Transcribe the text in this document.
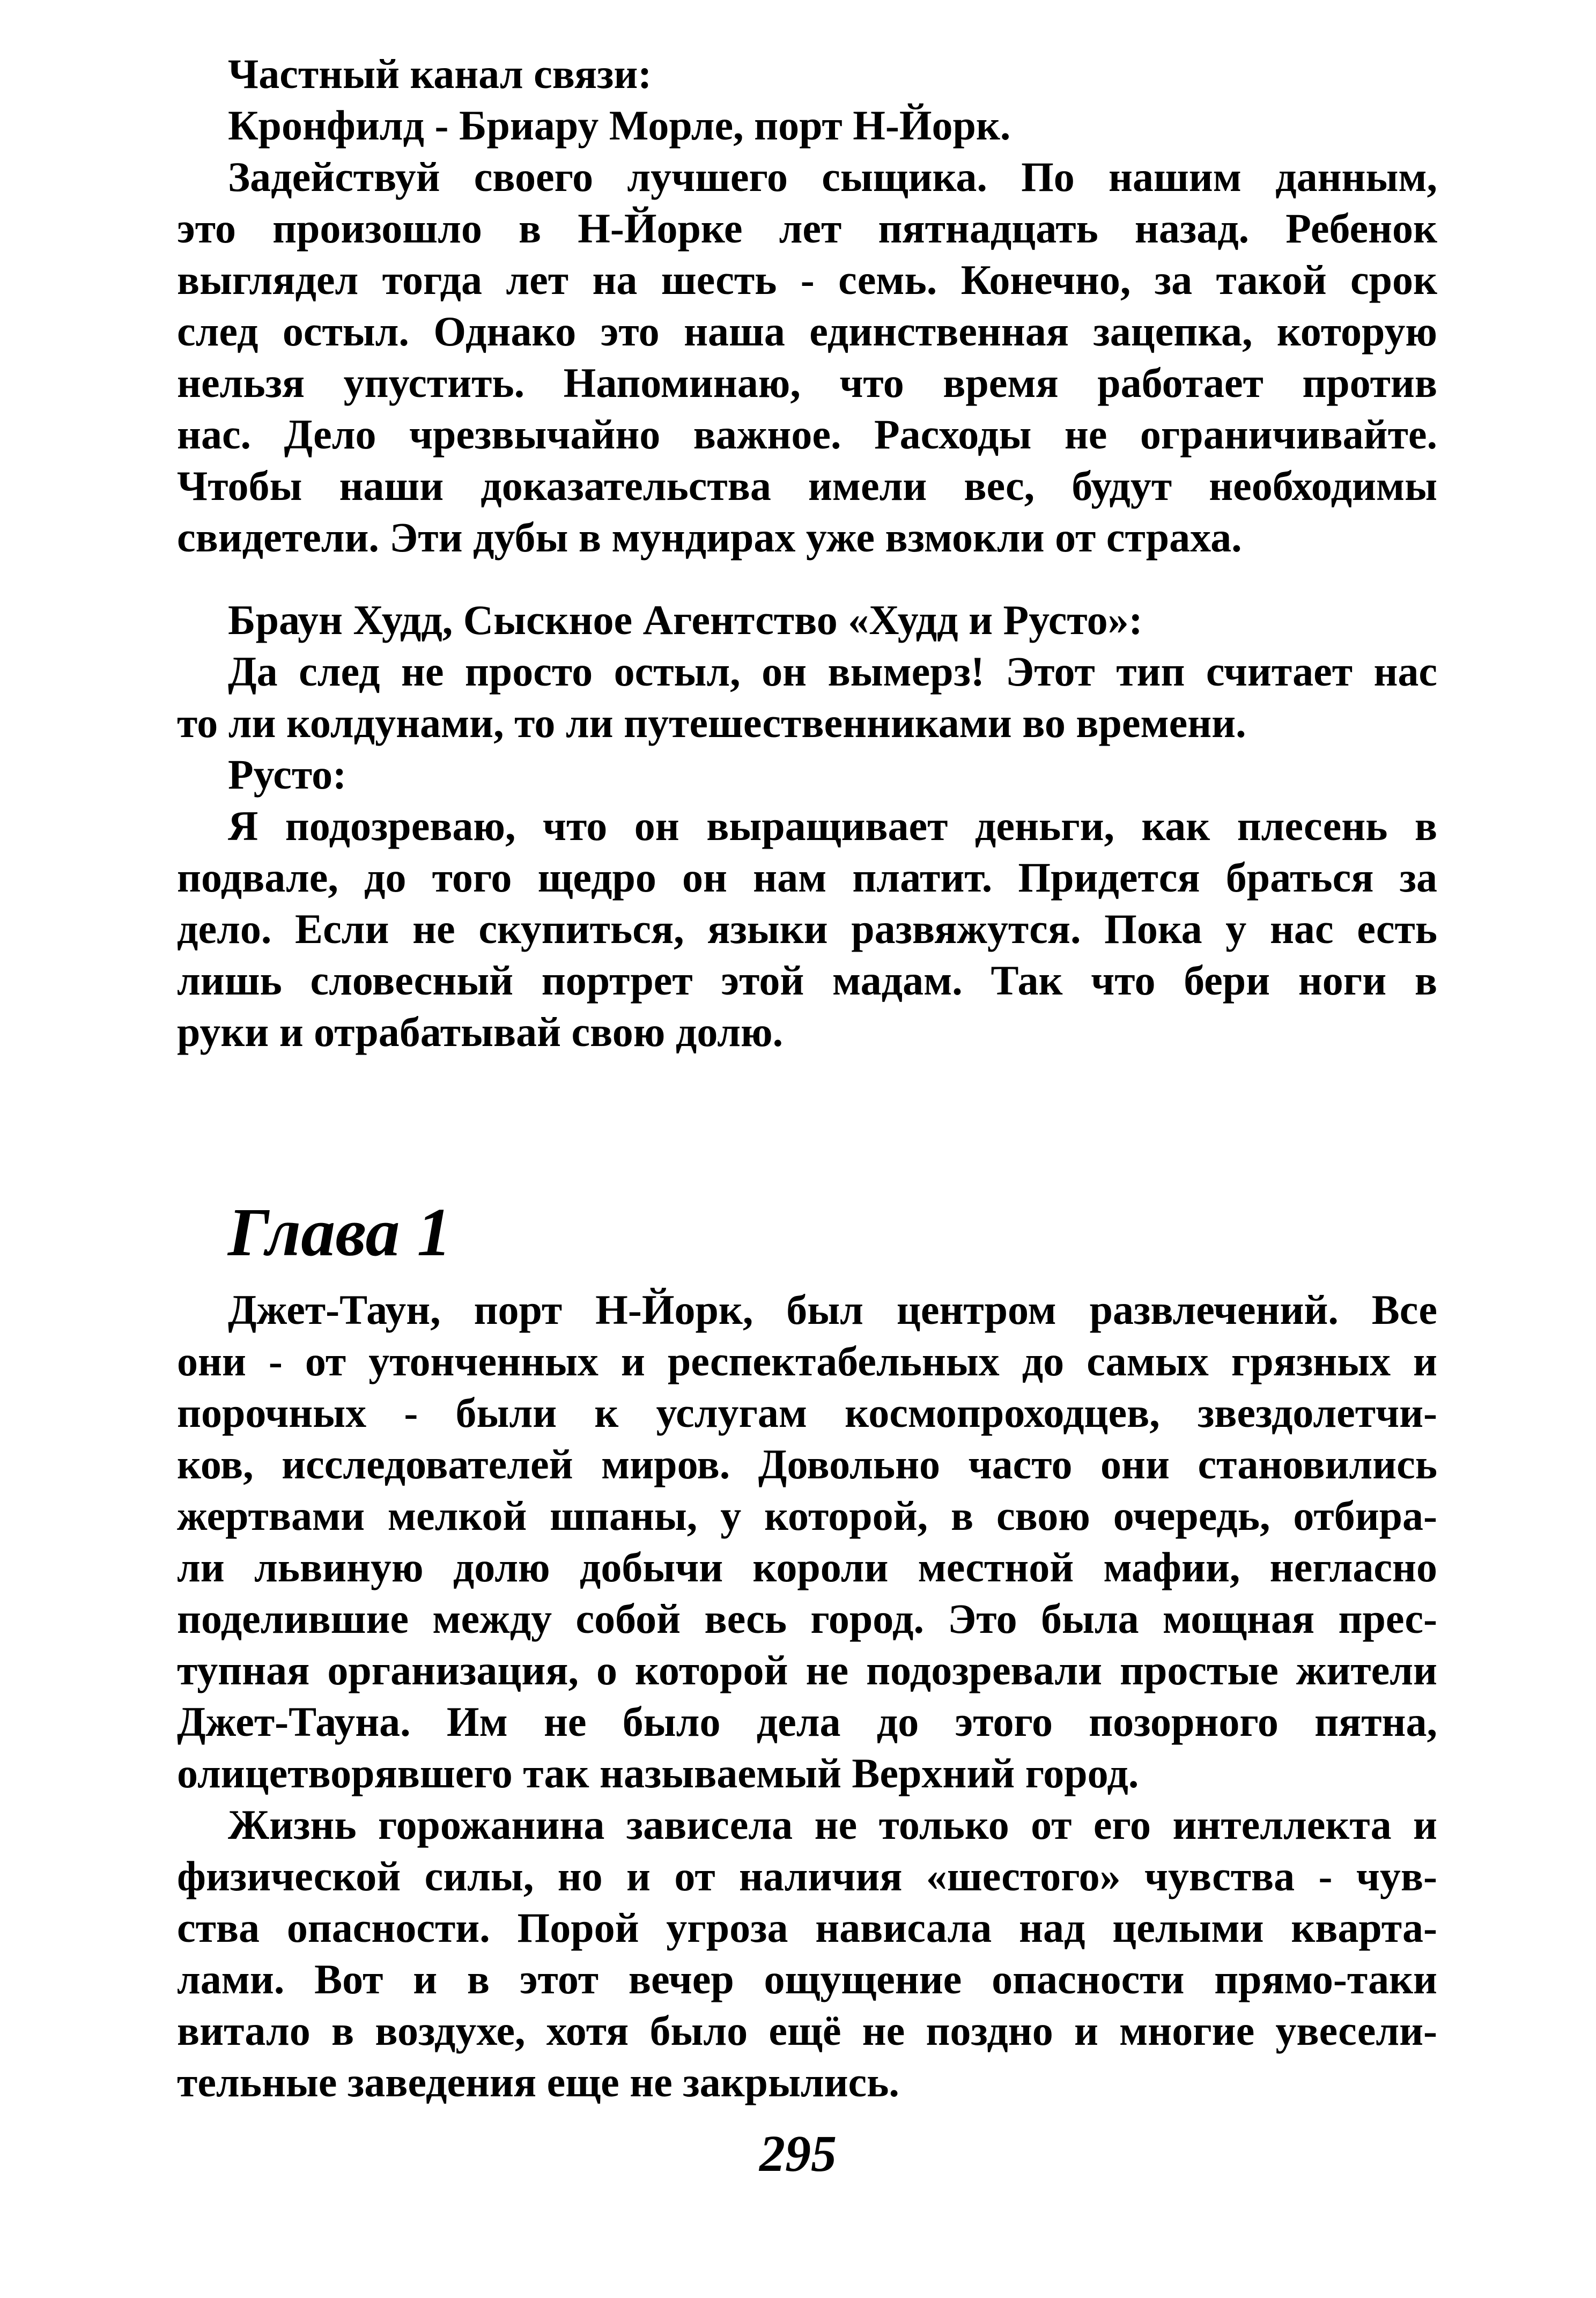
Частный канал связи:
Кронфилд - Бриару Морле, порт Н-Йорк.
Задействуй своего лучшего сыщика. По нашим данным,
это произошло в Н-Йорке лет пятнадцать назад. Ребенок
выглядел тогда лет на шесть - семь. Конечно, за такой срок
след остыл. Однако это наша единственная зацепка, которую
нельзя упустить. Напоминаю, что время работает против
нас. Дело чрезвычайно важное. Расходы не ограничивайте.
Чтобы наши доказательства имели вес, будут необходимы
свидетели. Эти дубы в мундирах уже взмокли от страха.
Браун Худд, Сыскное Агентство «Худд и Русто»:
Да след не просто остыл, он вымерз! Этот тип считает нас
то ли колдунами, то ли путешественниками во времени.
Русто:
Я подозреваю, что он выращивает деньги, как плесень в
подвале, до того щедро он нам платит. Придется браться за
дело. Если не скупиться, языки развяжутся. Пока у нас есть
лишь словесный портрет этой мадам. Так что бери ноги в
руки и отрабатывай свою долю.
Глава 1
Джет-Таун, порт Н-Йорк, был центром развлечений. Все
они - от утонченных и респектабельных до самых грязных и
порочных - были к услугам космопроходцев, звездолетчи-
ков, исследователей миров. Довольно часто они становились
жертвами мелкой шпаны, у которой, в свою очередь, отбира-
ли львиную долю добычи короли местной мафии, негласно
поделившие между собой весь город. Это была мощная прес-
тупная организация, о которой не подозревали простые жители
Джет-Тауна. Им не было дела до этого позорного пятна,
олицетворявшего так называемый Верхний город.
Жизнь горожанина зависела не только от его интеллекта и
физической силы, но и от наличия «шестого» чувства - чув-
ства опасности. Порой угроза нависала над целыми кварта-
лами. Вот и в этот вечер ощущение опасности прямо-таки
витало в воздухе, хотя было ещё не поздно и многие увесели-
тельные заведения еще не закрылись.
295
